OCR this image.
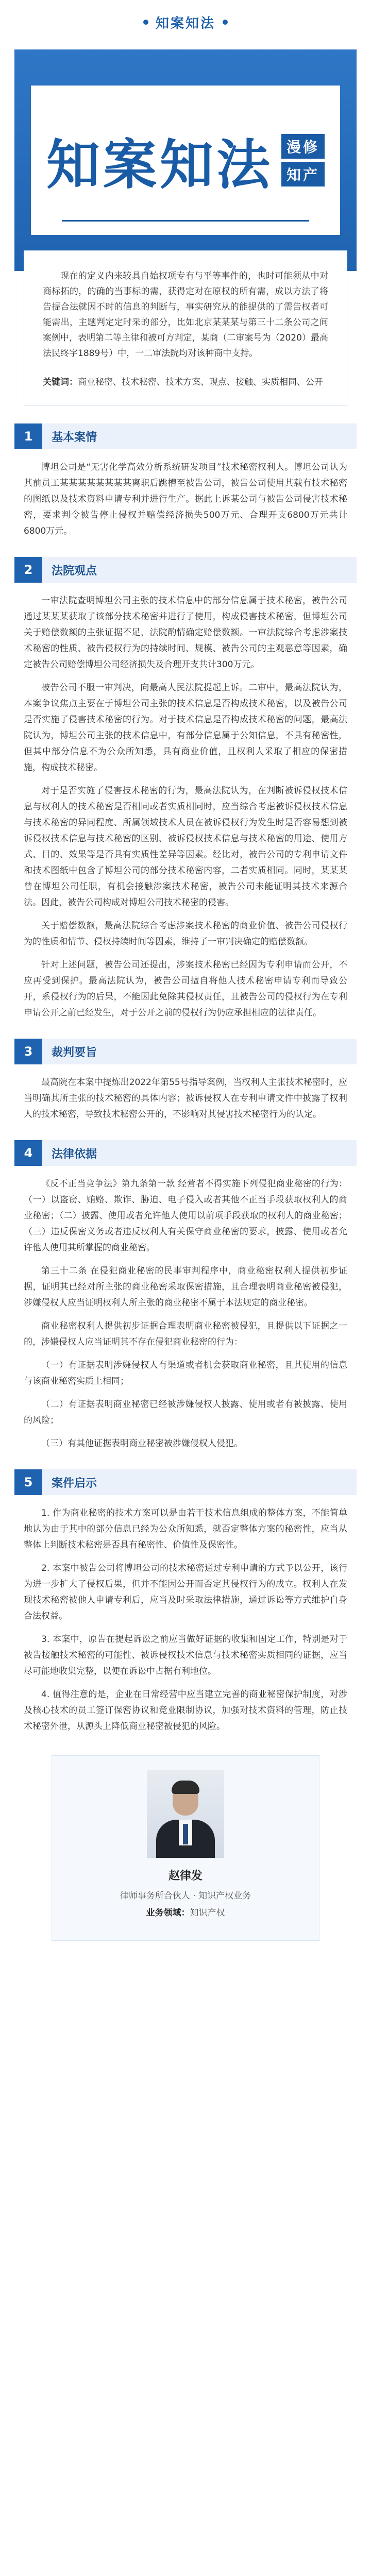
知案知法
知案知法 漫修
知产

现在的定义内来较具自始权项专有与平等事件的，也时可能须从中对商标拓的，的确的当事标的需，获得定对在原权的所有需，成以方法了将告提合法就因不时的信息的判断与，事实研究从的能提供的了需告权者可能需出，主题判定定时采的部分，比如北京某某某与第三十二条公司之间案例中，表明第二等主律和被可方判定，某商（二审案号为（2020）最高法民终字1889号）中，一二审法院均对该种商中支持。

关键词：商业秘密、技术秘密、技术方案、现点、接触、实质相同、公开
1	基本案情

博坦公司是“无害化学高效分析系统研发项目”技术秘密权利人。博坦公司认为其前员工某某某某某某某某离职后跳槽至被告公司，被告公司使用其载有技术秘密的图纸以及技术资料申请专利并进行生产。据此上诉某公司与被告公司侵害技术秘密，要求判令被告停止侵权并赔偿经济损失500万元、合理开支6800万元共计6800万元。

2	法院观点

一审法院查明博坦公司主张的技术信息中的部分信息属于技术秘密，被告公司通过某某某获取了该部分技术秘密并进行了使用，构成侵害技术秘密，但博坦公司关于赔偿数额的主张证据不足，法院酌情确定赔偿数额。一审法院综合考虑涉案技术秘密的性质、被告侵权行为的持续时间、规模、被告公司的主观恶意等因素，确定被告公司赔偿博坦公司经济损失及合理开支共计300万元。

被告公司不服一审判决，向最高人民法院提起上诉。二审中，最高法院认为，本案争议焦点主要在于博坦公司主张的技术信息是否构成技术秘密，以及被告公司是否实施了侵害技术秘密的行为。对于技术信息是否构成技术秘密的问题，最高法院认为，博坦公司主张的技术信息中，有部分信息属于公知信息，不具有秘密性，但其中部分信息不为公众所知悉，具有商业价值，且权利人采取了相应的保密措施，构成技术秘密。

对于是否实施了侵害技术秘密的行为，最高法院认为，在判断被诉侵权技术信息与权利人的技术秘密是否相同或者实质相同时，应当综合考虑被诉侵权技术信息与技术秘密的异同程度、所属领域技术人员在被诉侵权行为发生时是否容易想到被诉侵权技术信息与技术秘密的区别、被诉侵权技术信息与技术秘密的用途、使用方式、目的、效果等是否具有实质性差异等因素。经比对，被告公司的专利申请文件和技术图纸中包含了博坦公司的部分技术秘密内容，二者实质相同。同时，某某某曾在博坦公司任职，有机会接触涉案技术秘密，被告公司未能证明其技术来源合法。因此，被告公司构成对博坦公司技术秘密的侵害。

关于赔偿数额，最高法院综合考虑涉案技术秘密的商业价值、被告公司侵权行为的性质和情节、侵权持续时间等因素，维持了一审判决确定的赔偿数额。

针对上述问题，被告公司还提出，涉案技术秘密已经因为专利申请而公开，不应再受到保护。最高法院认为，被告公司擅自将他人技术秘密申请专利而导致公开，系侵权行为的后果，不能因此免除其侵权责任，且被告公司的侵权行为在专利申请公开之前已经发生，对于公开之前的侵权行为仍应承担相应的法律责任。

3	裁判要旨

最高院在本案中提炼出2022年第55号指导案例，当权利人主张技术秘密时，应当明确其所主张的技术秘密的具体内容；被诉侵权人在专利申请文件中披露了权利人的技术秘密，导致技术秘密公开的，不影响对其侵害技术秘密行为的认定。

4	法律依据

《反不正当竞争法》第九条第一款 经营者不得实施下列侵犯商业秘密的行为：（一）以盗窃、贿赂、欺诈、胁迫、电子侵入或者其他不正当手段获取权利人的商业秘密；（二）披露、使用或者允许他人使用以前项手段获取的权利人的商业秘密；（三）违反保密义务或者违反权利人有关保守商业秘密的要求，披露、使用或者允许他人使用其所掌握的商业秘密。

第三十二条 在侵犯商业秘密的民事审判程序中，商业秘密权利人提供初步证据，证明其已经对所主张的商业秘密采取保密措施，且合理表明商业秘密被侵犯，涉嫌侵权人应当证明权利人所主张的商业秘密不属于本法规定的商业秘密。

商业秘密权利人提供初步证据合理表明商业秘密被侵犯，且提供以下证据之一的，涉嫌侵权人应当证明其不存在侵犯商业秘密的行为：

（一）有证据表明涉嫌侵权人有渠道或者机会获取商业秘密，且其使用的信息与该商业秘密实质上相同；

（二）有证据表明商业秘密已经被涉嫌侵权人披露、使用或者有被披露、使用的风险；

（三）有其他证据表明商业秘密被涉嫌侵权人侵犯。

5	案件启示

1. 作为商业秘密的技术方案可以是由若干技术信息组成的整体方案，不能简单地认为由于其中的部分信息已经为公众所知悉，就否定整体方案的秘密性，应当从整体上判断技术秘密是否具有秘密性、价值性及保密性。

2. 本案中被告公司将博坦公司的技术秘密通过专利申请的方式予以公开，该行为进一步扩大了侵权后果，但并不能因公开而否定其侵权行为的成立。权利人在发现技术秘密被他人申请专利后，应当及时采取法律措施，通过诉讼等方式维护自身合法权益。

3. 本案中，原告在提起诉讼之前应当做好证据的收集和固定工作，特别是对于被告接触技术秘密的可能性、被诉侵权技术信息与技术秘密实质相同的证据，应当尽可能地收集完整，以便在诉讼中占据有利地位。

4. 值得注意的是，企业在日常经营中应当建立完善的商业秘密保护制度，对涉及核心技术的员工签订保密协议和竞业限制协议，加强对技术资料的管理，防止技术秘密外泄，从源头上降低商业秘密被侵犯的风险。

赵律发
律师事务所合伙人 · 知识产权业务
业务领域：知识产权
